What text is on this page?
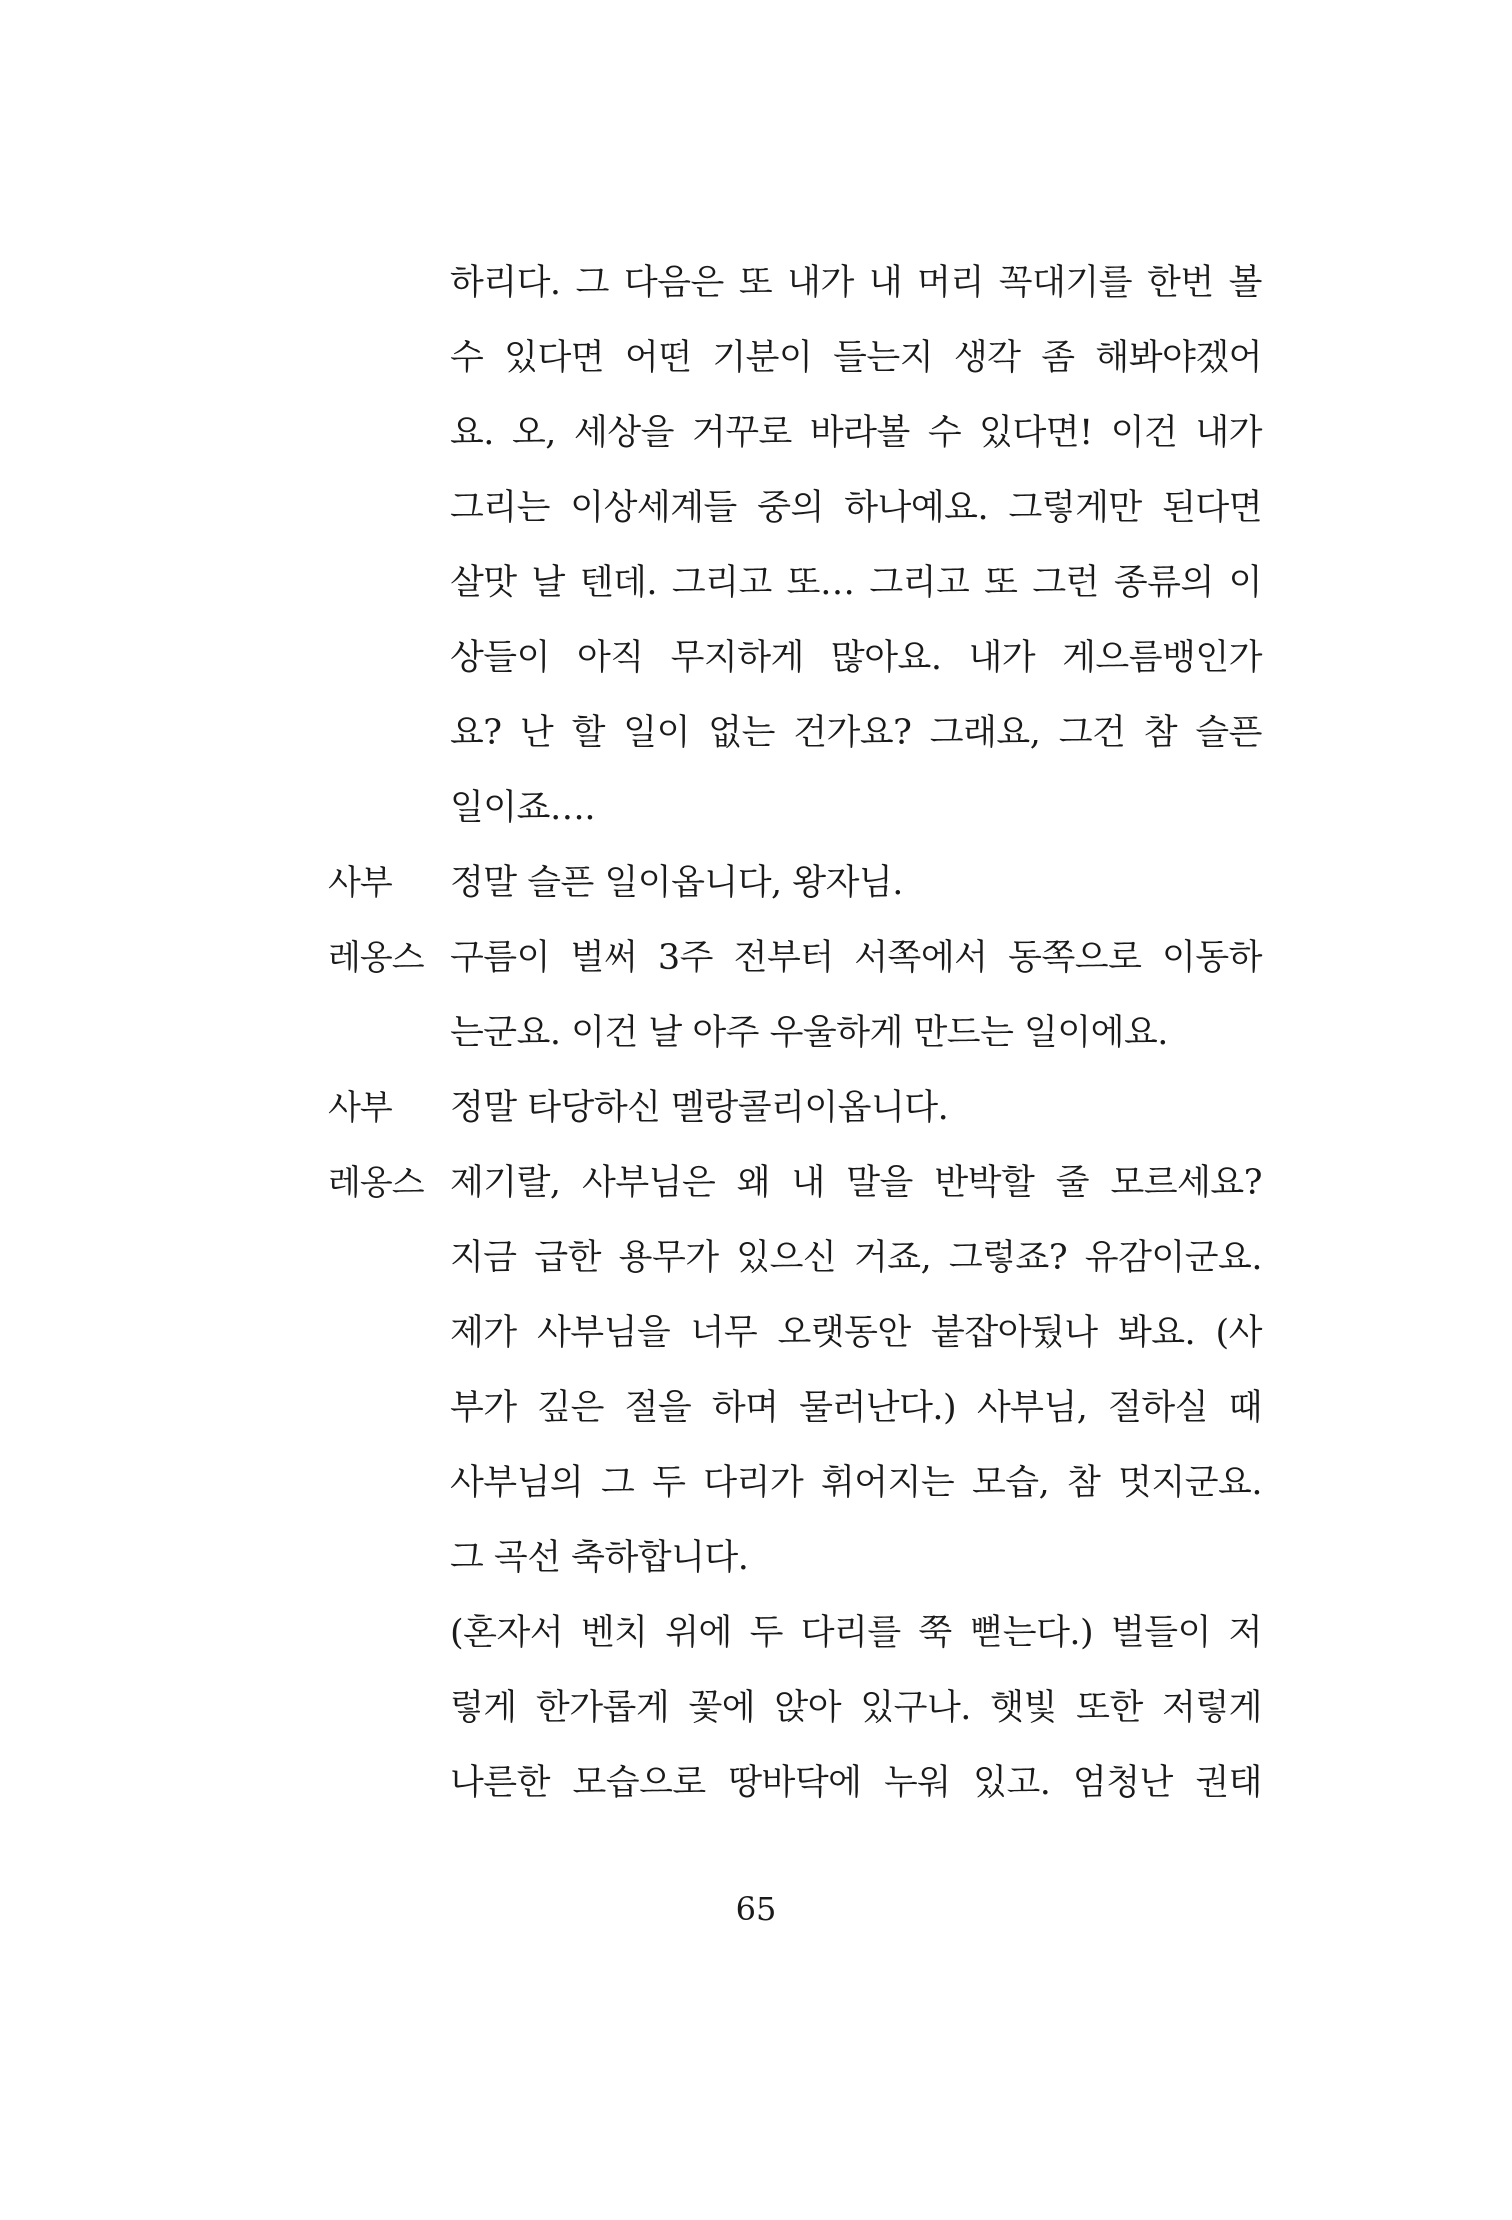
하리다. 그 다음은 또 내가 내 머리 꼭대기를 한번 볼
수 있다면 어떤 기분이 들는지 생각 좀 해봐야겠어
요. 오, 세상을 거꾸로 바라볼 수 있다면! 이건 내가
그리는 이상세계들 중의 하나예요. 그렇게만 된다면
살맛 날 텐데. 그리고 또… 그리고 또 그런 종류의 이
상들이 아직 무지하게 많아요. 내가 게으름뱅인가
요? 난 할 일이 없는 건가요? 그래요, 그건 참 슬픈
일이죠….
사부 정말 슬픈 일이옵니다, 왕자님.
레옹스 구름이 벌써 3주 전부터 서쪽에서 동쪽으로 이동하
는군요. 이건 날 아주 우울하게 만드는 일이에요.
사부 정말 타당하신 멜랑콜리이옵니다.
레옹스 제기랄, 사부님은 왜 내 말을 반박할 줄 모르세요?
지금 급한 용무가 있으신 거죠, 그렇죠? 유감이군요.
제가 사부님을 너무 오랫동안 붙잡아뒀나 봐요. (사
부가 깊은 절을 하며 물러난다.) 사부님, 절하실 때
사부님의 그 두 다리가 휘어지는 모습, 참 멋지군요.
그 곡선 축하합니다.
(혼자서 벤치 위에 두 다리를 쭉 뻗는다.) 벌들이 저
렇게 한가롭게 꽃에 앉아 있구나. 햇빛 또한 저렇게
나른한 모습으로 땅바닥에 누워 있고. 엄청난 권태
65
